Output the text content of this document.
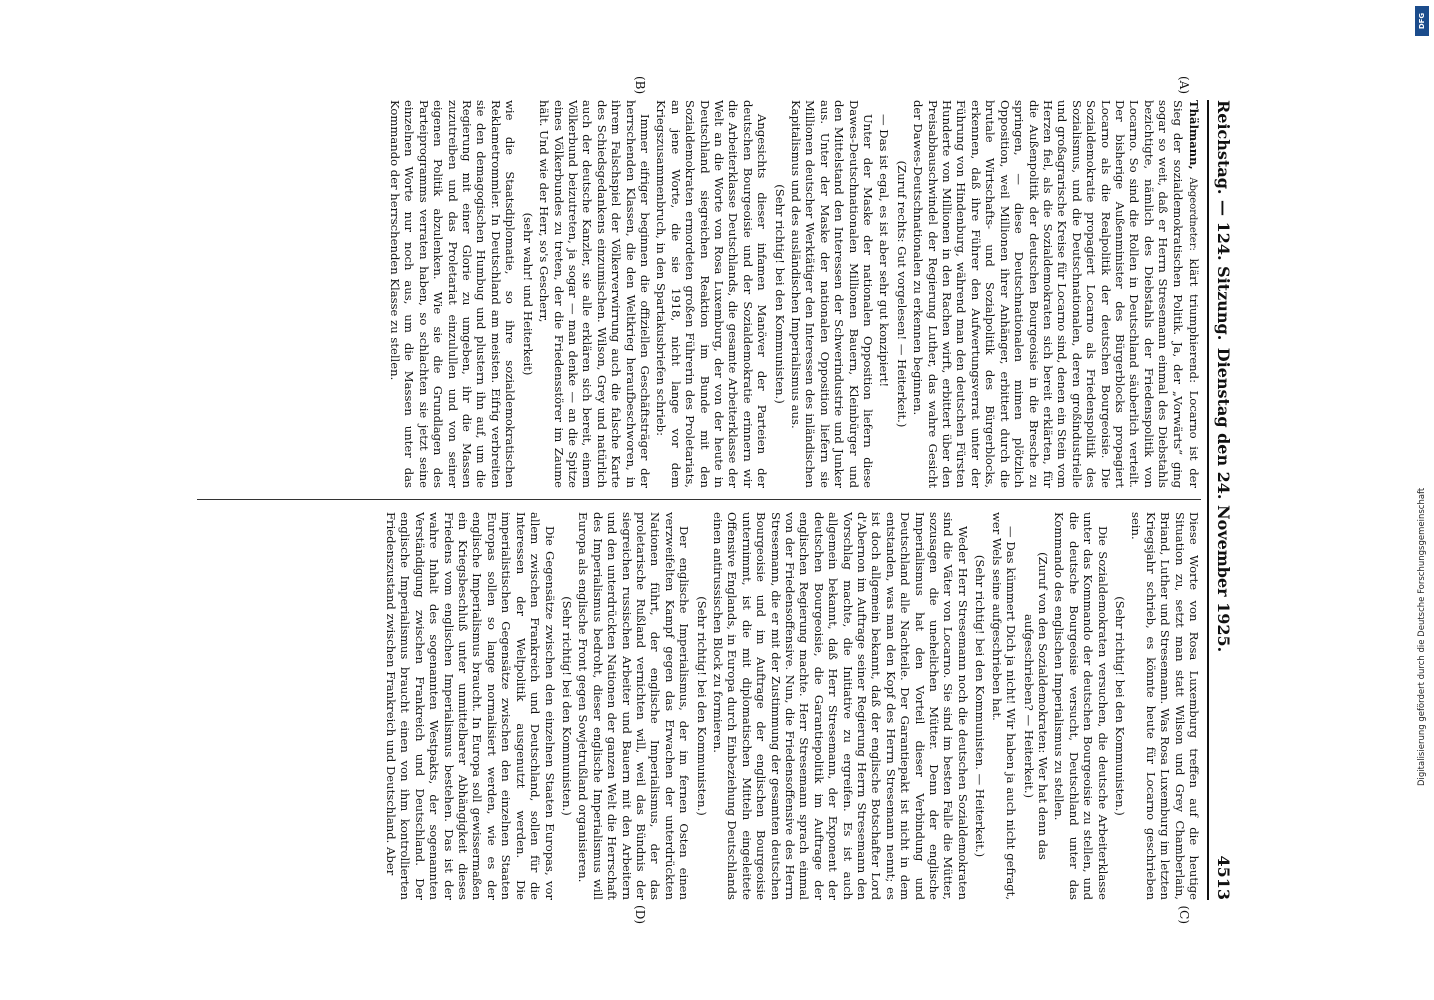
Reichstag. — 124. Sitzung.
Dienstag den 24. November 1925.
4513
(A)
(B)
(C)
(D)

Thälmann, Abgeordneter: klärt triumphierend: Locarno ist der Sieg der sozialdemokratischen Politik. Ja, der „Vorwärts“ ging sogar so weit, daß er Herrn Stresemann einmal des Diebstahls bezichtigte, nämlich des Diebstahls der Friedenspolitik von Locarno. So sind die Rollen in Deutschland säuberlich verteilt. Der bisherige Außenminister des Bürgerblocks propagiert Locarno als die Realpolitik der deutschen Bourgeoisie. Die Sozialdemokratie propagiert Locarno als Friedenspolitik des Sozialismus, und die Deutschnationalen, deren großindustrielle und großagrarische Kreise für Locarno sind, denen ein Stein vom Herzen fiel, als die Sozialdemokraten sich bereit erklärten, für die Außenpolitik der deutschen Bourgeoisie in die Bresche zu springen, — diese Deutschnationalen mimen plötzlich Opposition, weil Millionen ihrer Anhänger, erbittert durch die brutale Wirtschafts- und Sozialpolitik des Bürgerblocks, erkennen, daß ihre Führer den Aufwertungsverrat unter der Führung von Hindenburg, während man den deutschen Fürsten Hunderte von Millionen in den Rachen wirft, erbittert über den Preisabbauschwindel der Regierung Luther, das wahre Gesicht der Dawes-Deutschnationalen zu erkennen beginnen.

(Zuruf rechts: Gut vorgelesen! — Heiterkeit.)

— Das ist egal, es ist aber sehr gut konzipiert!

Unter der Maske der nationalen Opposition liefern diese Dawes-Deutschnationalen Millionen Bauern, Kleinbürger und den Mittelstand den Interessen der Schwerindustrie und Junker aus. Unter der Maske der nationalen Opposition liefern sie Millionen deutscher Werktätiger den Interessen des inländischen Kapitalismus und des ausländischen Imperialismus aus.

(Sehr richtig! bei den Kommunisten.)

Angesichts dieser infamen Manöver der Parteien der deutschen Bourgeoisie und der Sozialdemokratie erinnern wir die Arbeiterklasse Deutschlands, die gesamte Arbeiterklasse der Welt an die Worte von Rosa Luxemburg, der von der heute in Deutschland siegreichen Reaktion im Bunde mit den Sozialdemokraten ermordeten großen Führerin des Proletariats, an jene Worte, die sie 1918, nicht lange vor dem Kriegszusammenbruch, in den Spartakusbriefen schrieb:

Immer eifriger beginnen die offiziellen Geschäftsträger der herrschenden Klassen, die den Weltkrieg heraufbeschworen, in ihrem Falschspiel der Völkerverwirrung auch die falsche Karte des Schiedsgedankens einzumischen. Wilson, Grey und natürlich auch der deutsche Kanzler, sie alle erklären sich bereit, einem Völkerbund beizutreten, ja sogar — man denke — an die Spitze eines Völkerbundes zu treten, der die Friedensstörer im Zaume hält. Und wie der Herr, so's Gescherr,

(sehr wahr! und Heiterkeit)

wie die Staatsdiplomatie, so ihre sozialdemokratischen Reklametrommler. In Deutschland am meisten. Eifrig verbreiten sie den demagogischen Humbug und plustern ihn auf, um die Regierung mit einer Glorie zu umgeben, ihr die Massen zuzutreiben und das Proletariat einzulullen und von seiner eigenen Politik abzulenken. Wie sie die Grundlagen des Parteiprogramms verraten haben, so schlachten sie jetzt seine einzelnen Worte nur noch aus, um die Massen unter das Kommando der herrschenden Klasse zu stellen.

Diese Worte von Rosa Luxemburg treffen auf die heutige Situation zu, setzt man statt Wilson und Grey Chamberlain, Briand, Luther und Stresemann. Was Rosa Luxemburg im letzten Kriegsjahr schrieb, es könnte heute für Locarno geschrieben sein.

(Sehr richtig! bei den Kommunisten.)

Die Sozialdemokraten versuchen, die deutsche Arbeiterklasse unter das Kommando der deutschen Bourgeoisie zu stellen, und die deutsche Bourgeoisie versucht, Deutschland unter das Kommando des englischen Imperialismus zu stellen.

(Zuruf von den Sozialdemokraten: Wer hat denn das aufgeschrieben? — Heiterkeit.)

— Das kümmert Dich ja nicht! Wir haben ja auch nicht gefragt, wer Wels seine aufgeschrieben hat.

(Sehr richtig! bei den Kommunisten. — Heiterkeit.)

Weder Herr Stresemann noch die deutschen Sozialdemokraten sind die Väter von Locarno. Sie sind im besten Falle die Mütter, sozusagen die unehelichen Mütter. Denn der englische Imperialismus hat den Vorteil dieser Verbindung und Deutschland alle Nachteile. Der Garantiepakt ist nicht in dem entstanden, was man den Kopf des Herrn Stresemann nennt; es ist doch allgemein bekannt, daß der englische Botschafter Lord d'Abernon im Auftrage seiner Regierung Herrn Stresemann den Vorschlag machte, die Initiative zu ergreifen. Es ist auch allgemein bekannt, daß Herr Stresemann, der Exponent der deutschen Bourgeoisie, die Garantiepolitik im Auftrage der englischen Regierung machte. Herr Stresemann sprach einmal von der Friedensoffensive. Nun, die Friedensoffensive des Herrn Stresemann, die er mit der Zustimmung der gesamten deutschen Bourgeoisie und im Auftrage der englischen Bourgeoisie unternimmt, ist die mit diplomatischen Mitteln eingeleitete Offensive Englands, in Europa durch Einbeziehung Deutschlands einen antirussischen Block zu formieren.

(Sehr richtig! bei den Kommunisten.)

Der englische Imperialismus, der im fernen Osten einen verzweifelten Kampf gegen das Erwachen der unterdrückten Nationen führt, der englische Imperialismus, der das proletarische Rußland vernichten will, weil das Bündnis der siegreichen russischen Arbeiter und Bauern mit den Arbeitern und den unterdrückten Nationen der ganzen Welt die Herrschaft des Imperialismus bedroht, dieser englische Imperialismus will Europa als englische Front gegen Sowjetrußland organisieren.

(Sehr richtig! bei den Kommunisten.)

Die Gegensätze zwischen den einzelnen Staaten Europas, vor allem zwischen Frankreich und Deutschland, sollen für die Interessen der Weltpolitik ausgenutzt werden. Die imperialistischen Gegensätze zwischen den einzelnen Staaten Europas sollen so lange normalisiert werden, wie es der englische Imperialismus braucht. In Europa soll gewissermaßen ein Kriegsbeschluß unter unmittelbarer Abhängigkeit dieses Friedens vom englischen Imperialismus bestehen. Das ist der wahre Inhalt des sogenannten Westpakts, der sogenannten Verständigung zwischen Frankreich und Deutschland. Der englische Imperialismus braucht einen von ihm kontrollierten Friedenszustand zwischen Frankreich und Deutschland. Aber

DFG
Digitalisierung gefördert durch die Deutsche Forschungsgemeinschaft
